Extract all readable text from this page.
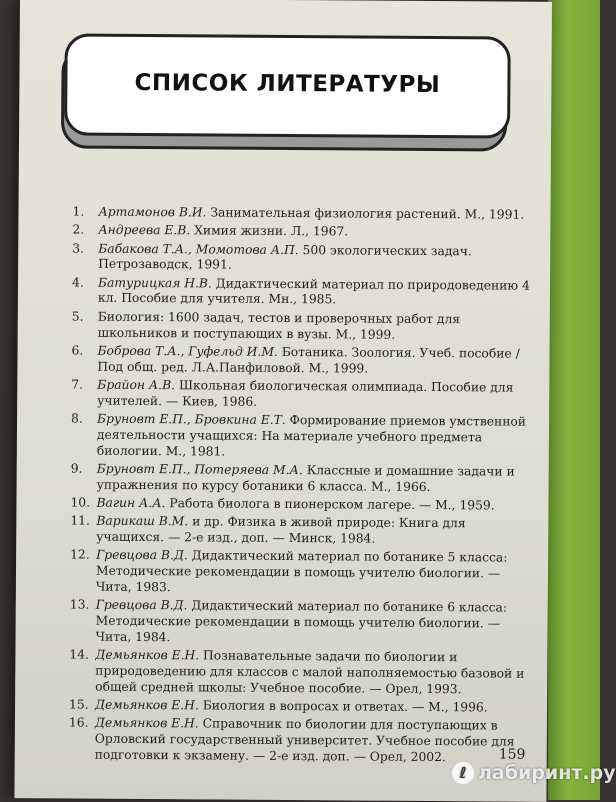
СПИСОК ЛИТЕРАТУРЫ
1. Артамонов В.И. Занимательная физиология растений. М., 1991.
2. Андреева Е.В. Химия жизни. Л., 1967.
3. Бабакова Т.А., Момотова А.П. 500 экологических задач. Петрозаводск, 1991.
4. Батурицкая Н.В. Дидактический материал по природоведению 4 кл. Пособие для учителя. Мн., 1985.
5. Биология: 1600 задач, тестов и проверочных работ для школьников и поступающих в вузы. М., 1999.
6. Боброва Т.А., Гуфельд И.М. Ботаника. Зоология. Учеб. пособие / Под общ. ред. Л.А.Панфиловой. М., 1999.
7. Брайон А.В. Школьная биологическая олимпиада. Пособие для учителей. — Киев, 1986.
8. Бруновт Е.П., Бровкина Е.Т. Формирование приемов умственной деятельности учащихся: На материале учебного предмета биологии. М., 1981.
9. Бруновт Е.П., Потеряева М.А. Классные и домашние задачи и упражнения по курсу ботаники 6 класса. М., 1966.
10. Вагин А.А. Работа биолога в пионерском лагере. — М., 1959.
11. Варикаш В.М. и др. Физика в живой природе: Книга для учащихся. — 2-е изд., доп. — Минск, 1984.
12. Гревцова В.Д. Дидактический материал по ботанике 5 класса: Методические рекомендации в помощь учителю биологии. — Чита, 1983.
13. Гревцова В.Д. Дидактический материал по ботанике 6 класса: Методические рекомендации в помощь учителю биологии. — Чита, 1984.
14. Демьянков Е.Н. Познавательные задачи по биологии и природоведению для классов с малой наполняемостью базовой и общей средней школы: Учебное пособие. — Орел, 1993.
15. Демьянков Е.Н. Биология в вопросах и ответах. — М., 1996.
16. Демьянков Е.Н. Справочник по биологии для поступающих в Орловский государственный университет. Учебное пособие для подготовки к экзамену. — 2-е изд. доп. — Орел, 2002.	159
ℓ лабиринт.ру
